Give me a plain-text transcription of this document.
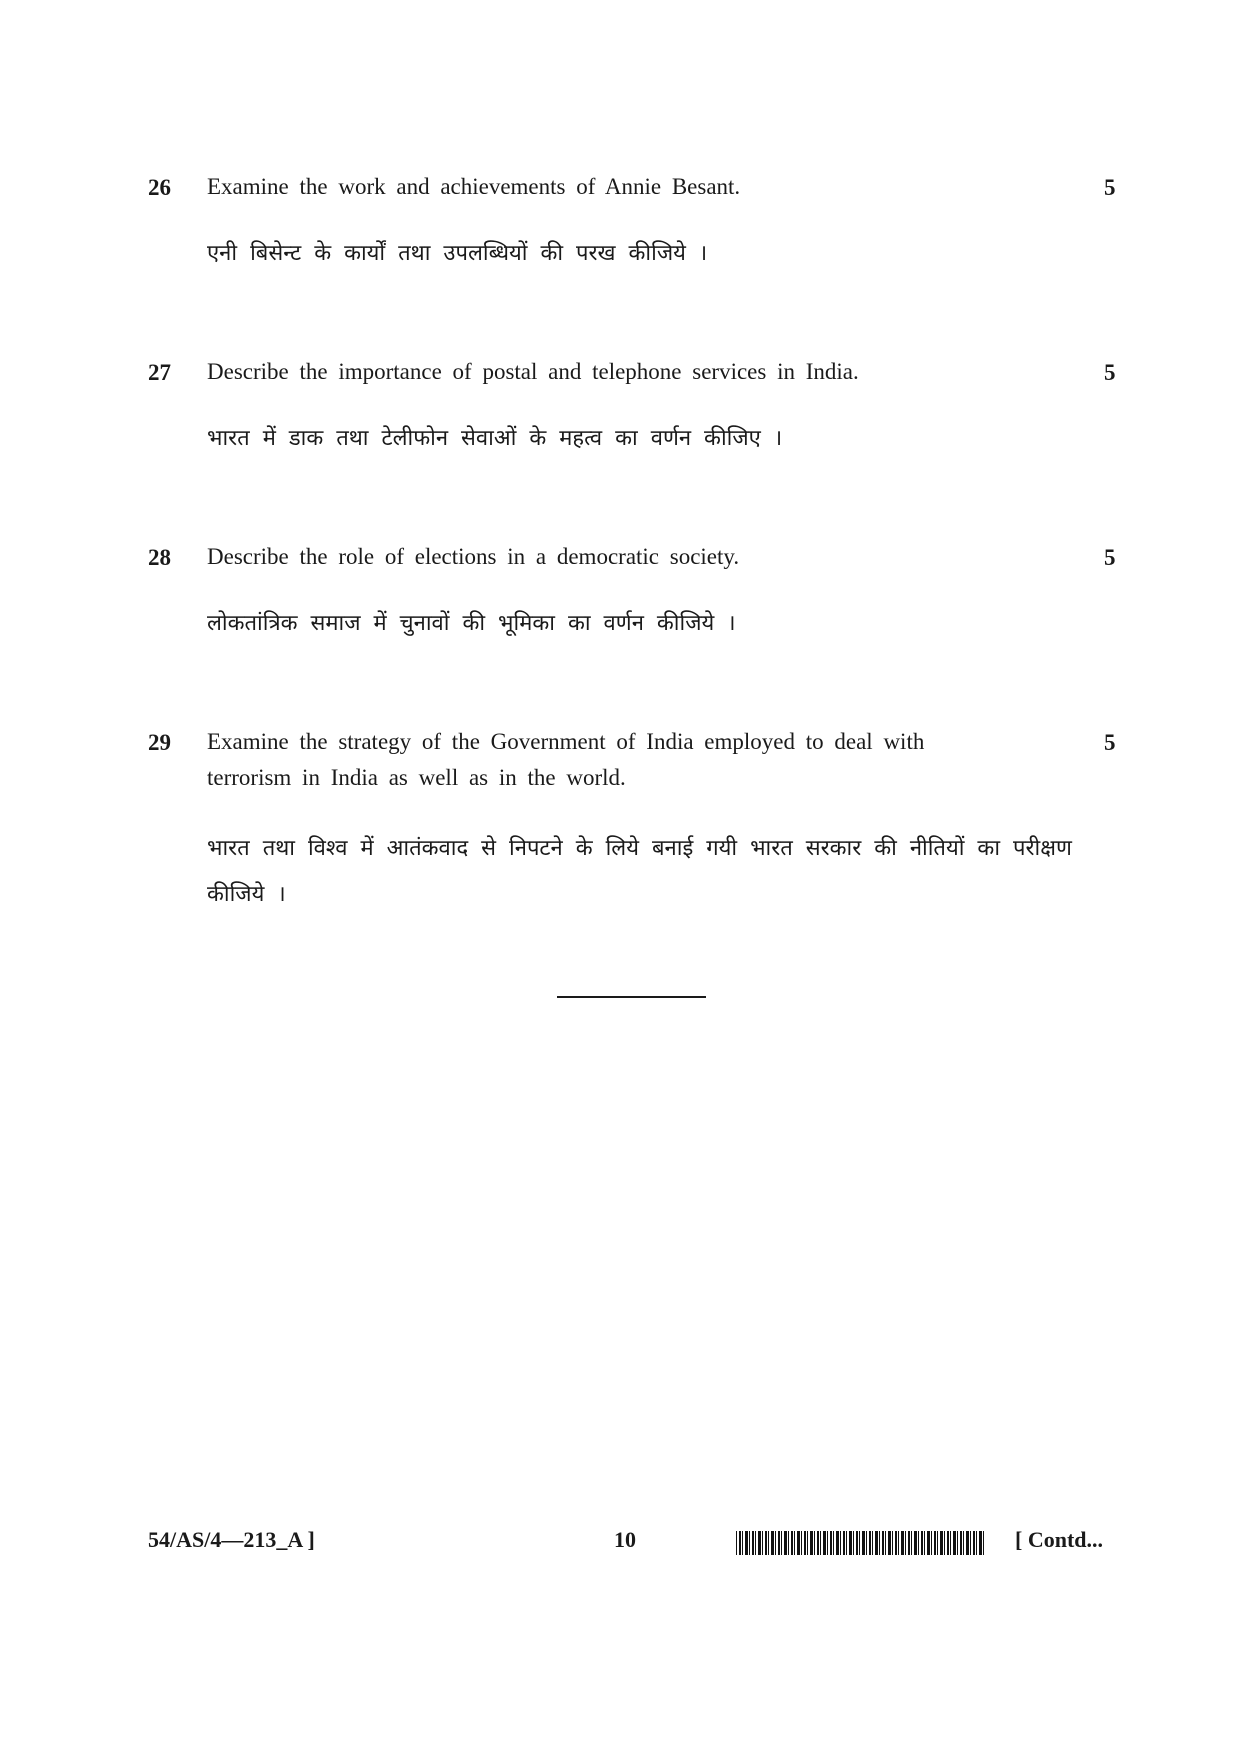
26 Examine the work and achievements of Annie Besant.	5
एनी बिसेन्ट के कार्यों तथा उपलब्धियों की परख कीजिये ।
27 Describe the importance of postal and telephone services in India.	5
भारत में डाक तथा टेलीफोन सेवाओं के महत्व का वर्णन कीजिए ।
28 Describe the role of elections in a democratic society.	5
लोकतांत्रिक समाज में चुनावों की भूमिका का वर्णन कीजिये ।
29 Examine the strategy of the Government of India employed to deal with terrorism in India as well as in the world.
5
भारत तथा विश्व में आतंकवाद से निपटने के लिये बनाई गयी भारत सरकार की नीतियों का परीक्षण कीजिये ।
54/AS/4—213_A ]	10	[ Contd...
